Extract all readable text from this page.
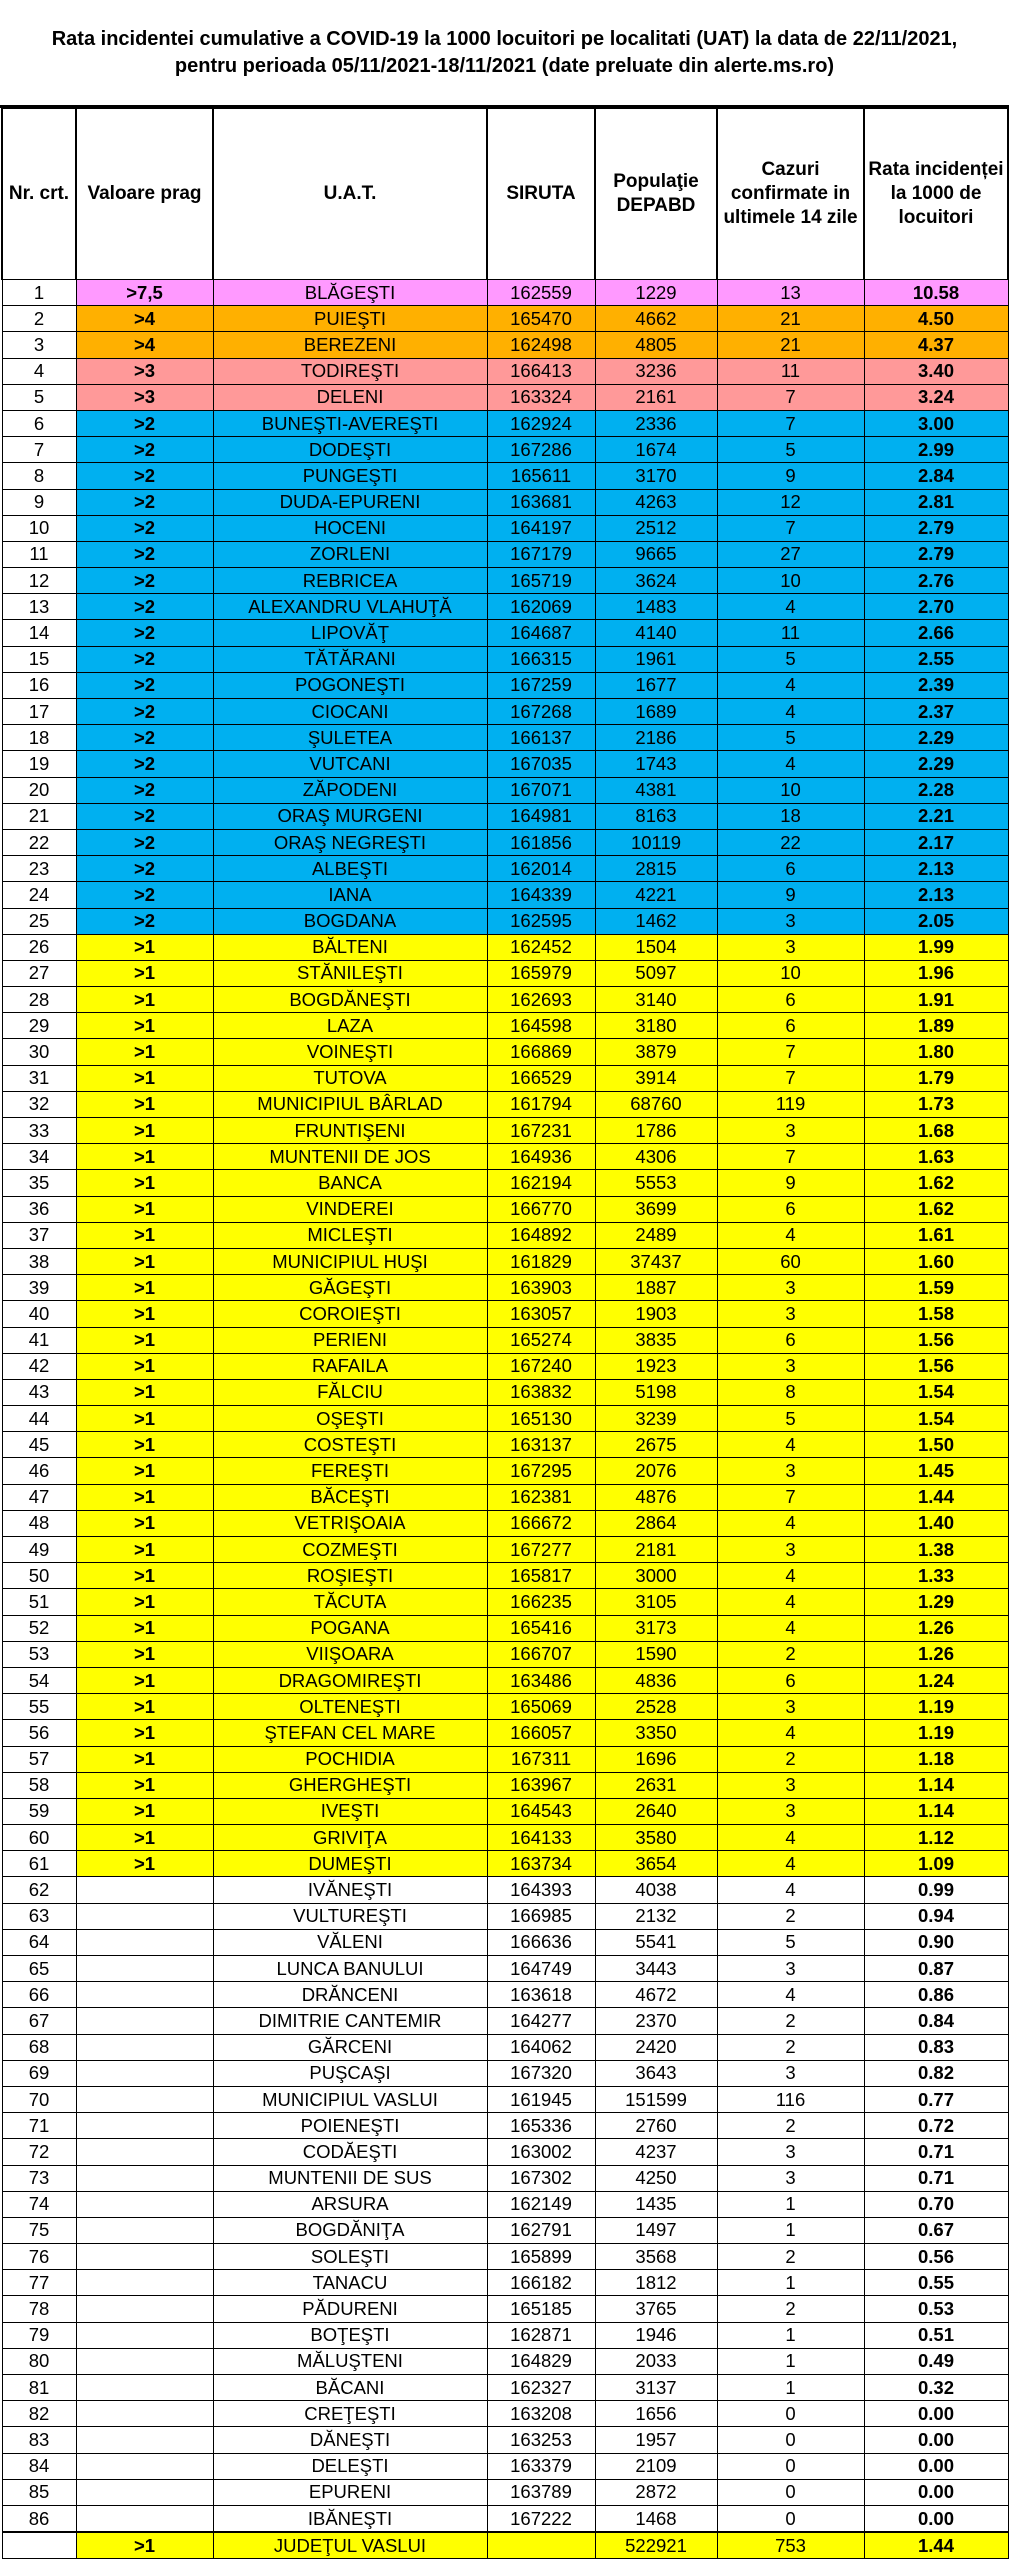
Rata incidentei cumulative a COVID-19 la 1000 locuitori pe localitati (UAT) la data de 22/11/2021,
pentru perioada 05/11/2021-18/11/2021 (date preluate din alerte.ms.ro)
Nr. crt.	Valoare prag	U.A.T.	SIRUTA	Populaţie DEPABD	Cazuri confirmate in ultimele 14 zile	Rata incidenței la 1000 de locuitori
1	>7,5	BLĂGEŞTI	162559	1229	13	10.58
2	>4	PUIEŞTI	165470	4662	21	4.50
3	>4	BEREZENI	162498	4805	21	4.37
4	>3	TODIREŞTI	166413	3236	11	3.40
5	>3	DELENI	163324	2161	7	3.24
6	>2	BUNEŞTI-AVEREŞTI	162924	2336	7	3.00
7	>2	DODEŞTI	167286	1674	5	2.99
8	>2	PUNGEŞTI	165611	3170	9	2.84
9	>2	DUDA-EPURENI	163681	4263	12	2.81
10	>2	HOCENI	164197	2512	7	2.79
11	>2	ZORLENI	167179	9665	27	2.79
12	>2	REBRICEA	165719	3624	10	2.76
13	>2	ALEXANDRU VLAHUŢĂ	162069	1483	4	2.70
14	>2	LIPOVĂŢ	164687	4140	11	2.66
15	>2	TĂTĂRANI	166315	1961	5	2.55
16	>2	POGONEŞTI	167259	1677	4	2.39
17	>2	CIOCANI	167268	1689	4	2.37
18	>2	ŞULETEA	166137	2186	5	2.29
19	>2	VUTCANI	167035	1743	4	2.29
20	>2	ZĂPODENI	167071	4381	10	2.28
21	>2	ORAŞ MURGENI	164981	8163	18	2.21
22	>2	ORAŞ NEGREŞTI	161856	10119	22	2.17
23	>2	ALBEŞTI	162014	2815	6	2.13
24	>2	IANA	164339	4221	9	2.13
25	>2	BOGDANA	162595	1462	3	2.05
26	>1	BĂLTENI	162452	1504	3	1.99
27	>1	STĂNILEŞTI	165979	5097	10	1.96
28	>1	BOGDĂNEŞTI	162693	3140	6	1.91
29	>1	LAZA	164598	3180	6	1.89
30	>1	VOINEŞTI	166869	3879	7	1.80
31	>1	TUTOVA	166529	3914	7	1.79
32	>1	MUNICIPIUL BÂRLAD	161794	68760	119	1.73
33	>1	FRUNTIŞENI	167231	1786	3	1.68
34	>1	MUNTENII DE JOS	164936	4306	7	1.63
35	>1	BANCA	162194	5553	9	1.62
36	>1	VINDEREI	166770	3699	6	1.62
37	>1	MICLEŞTI	164892	2489	4	1.61
38	>1	MUNICIPIUL HUŞI	161829	37437	60	1.60
39	>1	GĂGEŞTI	163903	1887	3	1.59
40	>1	COROIEŞTI	163057	1903	3	1.58
41	>1	PERIENI	165274	3835	6	1.56
42	>1	RAFAILA	167240	1923	3	1.56
43	>1	FĂLCIU	163832	5198	8	1.54
44	>1	OŞEŞTI	165130	3239	5	1.54
45	>1	COSTEŞTI	163137	2675	4	1.50
46	>1	FEREŞTI	167295	2076	3	1.45
47	>1	BĂCEŞTI	162381	4876	7	1.44
48	>1	VETRIŞOAIA	166672	2864	4	1.40
49	>1	COZMEŞTI	167277	2181	3	1.38
50	>1	ROŞIEŞTI	165817	3000	4	1.33
51	>1	TĂCUTA	166235	3105	4	1.29
52	>1	POGANA	165416	3173	4	1.26
53	>1	VIIŞOARA	166707	1590	2	1.26
54	>1	DRAGOMIREŞTI	163486	4836	6	1.24
55	>1	OLTENEŞTI	165069	2528	3	1.19
56	>1	ŞTEFAN CEL MARE	166057	3350	4	1.19
57	>1	POCHIDIA	167311	1696	2	1.18
58	>1	GHERGHEŞTI	163967	2631	3	1.14
59	>1	IVEŞTI	164543	2640	3	1.14
60	>1	GRIVIŢA	164133	3580	4	1.12
61	>1	DUMEŞTI	163734	3654	4	1.09
62		IVĂNEŞTI	164393	4038	4	0.99
63		VULTUREŞTI	166985	2132	2	0.94
64		VĂLENI	166636	5541	5	0.90
65		LUNCA BANULUI	164749	3443	3	0.87
66		DRĂNCENI	163618	4672	4	0.86
67		DIMITRIE CANTEMIR	164277	2370	2	0.84
68		GĂRCENI	164062	2420	2	0.83
69		PUŞCAŞI	167320	3643	3	0.82
70		MUNICIPIUL VASLUI	161945	151599	116	0.77
71		POIENEŞTI	165336	2760	2	0.72
72		CODĂEŞTI	163002	4237	3	0.71
73		MUNTENII DE SUS	167302	4250	3	0.71
74		ARSURA	162149	1435	1	0.70
75		BOGDĂNIŢA	162791	1497	1	0.67
76		SOLEŞTI	165899	3568	2	0.56
77		TANACU	166182	1812	1	0.55
78		PĂDURENI	165185	3765	2	0.53
79		BOŢEŞTI	162871	1946	1	0.51
80		MĂLUŞTENI	164829	2033	1	0.49
81		BĂCANI	162327	3137	1	0.32
82		CREŢEŞTI	163208	1656	0	0.00
83		DĂNEŞTI	163253	1957	0	0.00
84		DELEŞTI	163379	2109	0	0.00
85		EPURENI	163789	2872	0	0.00
86		IBĂNEŞTI	167222	1468	0	0.00
	>1	JUDEŢUL VASLUI		522921	753	1.44
